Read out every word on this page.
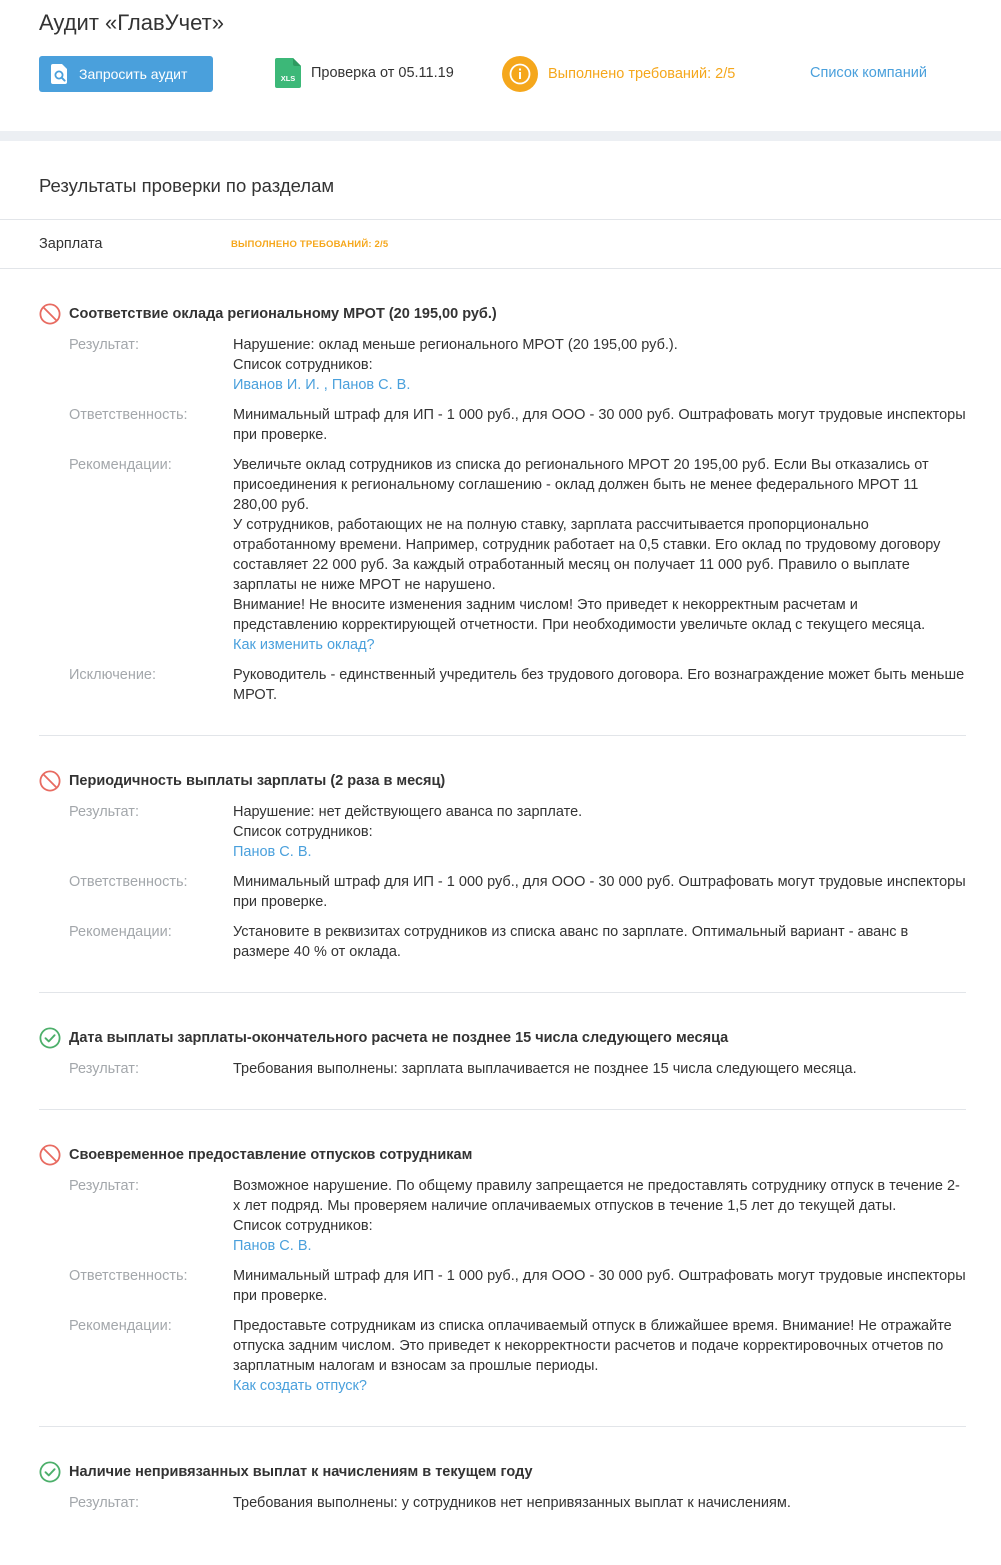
Аудит «ГлавУчет»
Запросить аудит	XLS Проверка от 05.11.19	Выполнено требований: 2/5	Список компаний
Результаты проверки по разделам
Зарплата	ВЫПОЛНЕНО ТРЕБОВАНИЙ: 2/5
Соответствие оклада региональному МРОТ (20 195,00 руб.)
Результат:	Нарушение: оклад меньше регионального МРОТ (20 195,00 руб.).
Список сотрудников:
Иванов И. И. , Панов С. В.
Ответственность:	Минимальный штраф для ИП - 1 000 руб., для ООО - 30 000 руб. Оштрафовать могут трудовые инспекторы при проверке.
Рекомендации:	Увеличьте оклад сотрудников из списка до регионального МРОТ 20 195,00 руб. Если Вы отказались от присоединения к региональному соглашению - оклад должен быть не менее федерального МРОТ 11 280,00 руб.
У сотрудников, работающих не на полную ставку, зарплата рассчитывается пропорционально отработанному времени. Например, сотрудник работает на 0,5 ставки. Его оклад по трудовому договору составляет 22 000 руб. За каждый отработанный месяц он получает 11 000 руб. Правило о выплате зарплаты не ниже МРОТ не нарушено.
Внимание! Не вносите изменения задним числом! Это приведет к некорректным расчетам и представлению корректирующей отчетности. При необходимости увеличьте оклад с текущего месяца.
Как изменить оклад?
Исключение:	Руководитель - единственный учредитель без трудового договора. Его вознаграждение может быть меньше МРОТ.
Периодичность выплаты зарплаты (2 раза в месяц)
Результат:	Нарушение: нет действующего аванса по зарплате.
Список сотрудников:
Панов С. В.
Ответственность:	Минимальный штраф для ИП - 1 000 руб., для ООО - 30 000 руб. Оштрафовать могут трудовые инспекторы при проверке.
Рекомендации:	Установите в реквизитах сотрудников из списка аванс по зарплате. Оптимальный вариант - аванс в размере 40 % от оклада.
Дата выплаты зарплаты-окончательного расчета не позднее 15 числа следующего месяца
Результат:	Требования выполнены: зарплата выплачивается не позднее 15 числа следующего месяца.
Своевременное предоставление отпусков сотрудникам
Результат:	Возможное нарушение. По общему правилу запрещается не предоставлять сотруднику отпуск в течение 2-х лет подряд. Мы проверяем наличие оплачиваемых отпусков в течение 1,5 лет до текущей даты.
Список сотрудников:
Панов С. В.
Ответственность:	Минимальный штраф для ИП - 1 000 руб., для ООО - 30 000 руб. Оштрафовать могут трудовые инспекторы при проверке.
Рекомендации:	Предоставьте сотрудникам из списка оплачиваемый отпуск в ближайшее время. Внимание! Не отражайте отпуска задним числом. Это приведет к некорректности расчетов и подаче корректировочных отчетов по зарплатным налогам и взносам за прошлые периоды.
Как создать отпуск?
Наличие непривязанных выплат к начислениям в текущем году
Результат:	Требования выполнены: у сотрудников нет непривязанных выплат к начислениям.
